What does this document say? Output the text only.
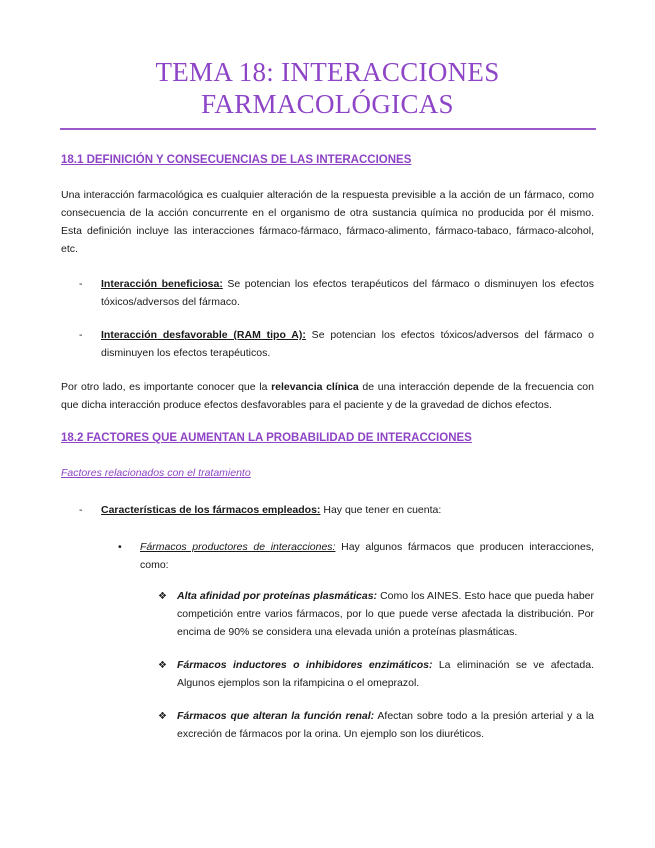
TEMA 18: INTERACCIONES
FARMACOLÓGICAS
18.1 DEFINICIÓN Y CONSECUENCIAS DE LAS INTERACCIONES

Una interacción farmacológica es cualquier alteración de la respuesta previsible a la acción de un fármaco, como consecuencia de la acción concurrente en el organismo de otra sustancia química no producida por él mismo. Esta definición incluye las interacciones fármaco-fármaco, fármaco-alimento, fármaco-tabaco, fármaco-alcohol, etc.

- Interacción beneficiosa: Se potencian los efectos terapéuticos del fármaco o disminuyen los efectos tóxicos/adversos del fármaco.
- Interacción desfavorable (RAM tipo A): Se potencian los efectos tóxicos/adversos del fármaco o disminuyen los efectos terapéuticos.

Por otro lado, es importante conocer que la relevancia clínica de una interacción depende de la frecuencia con que dicha interacción produce efectos desfavorables para el paciente y de la gravedad de dichos efectos.

18.2 FACTORES QUE AUMENTAN LA PROBABILIDAD DE INTERACCIONES
Factores relacionados con el tratamiento
- Características de los fármacos empleados: Hay que tener en cuenta:
• Fármacos productores de interacciones: Hay algunos fármacos que producen interacciones, como:
❖ Alta afinidad por proteínas plasmáticas: Como los AINES. Esto hace que pueda haber competición entre varios fármacos, por lo que puede verse afectada la distribución. Por encima de 90% se considera una elevada unión a proteínas plasmáticas.
❖ Fármacos inductores o inhibidores enzimáticos: La eliminación se ve afectada. Algunos ejemplos son la rifampicina o el omeprazol.
❖ Fármacos que alteran la función renal: Afectan sobre todo a la presión arterial y a la excreción de fármacos por la orina. Un ejemplo son los diuréticos.
